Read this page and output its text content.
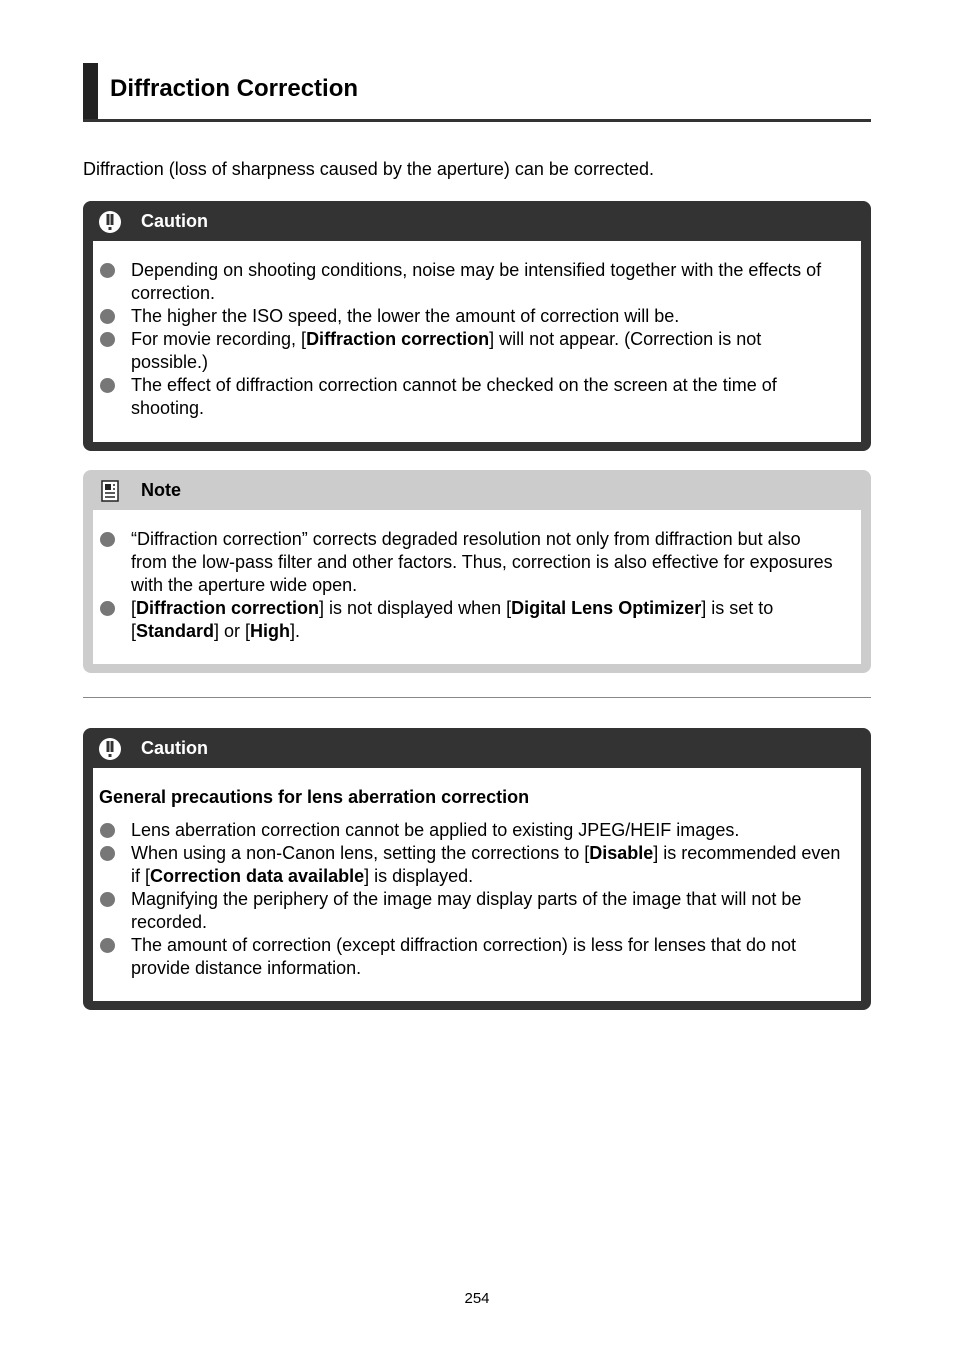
Diffraction Correction
Diffraction (loss of sharpness caused by the aperture) can be corrected.
Caution
Depending on shooting conditions, noise may be intensified together with the effects of correction.
The higher the ISO speed, the lower the amount of correction will be.
For movie recording, [Diffraction correction] will not appear. (Correction is not possible.)
The effect of diffraction correction cannot be checked on the screen at the time of shooting.
Note
“Diffraction correction” corrects degraded resolution not only from diffraction but also from the low-pass filter and other factors. Thus, correction is also effective for exposures with the aperture wide open.
[Diffraction correction] is not displayed when [Digital Lens Optimizer] is set to [Standard] or [High].
Caution
General precautions for lens aberration correction
Lens aberration correction cannot be applied to existing JPEG/HEIF images.
When using a non-Canon lens, setting the corrections to [Disable] is recommended even if [Correction data available] is displayed.
Magnifying the periphery of the image may display parts of the image that will not be recorded.
The amount of correction (except diffraction correction) is less for lenses that do not provide distance information.
254
